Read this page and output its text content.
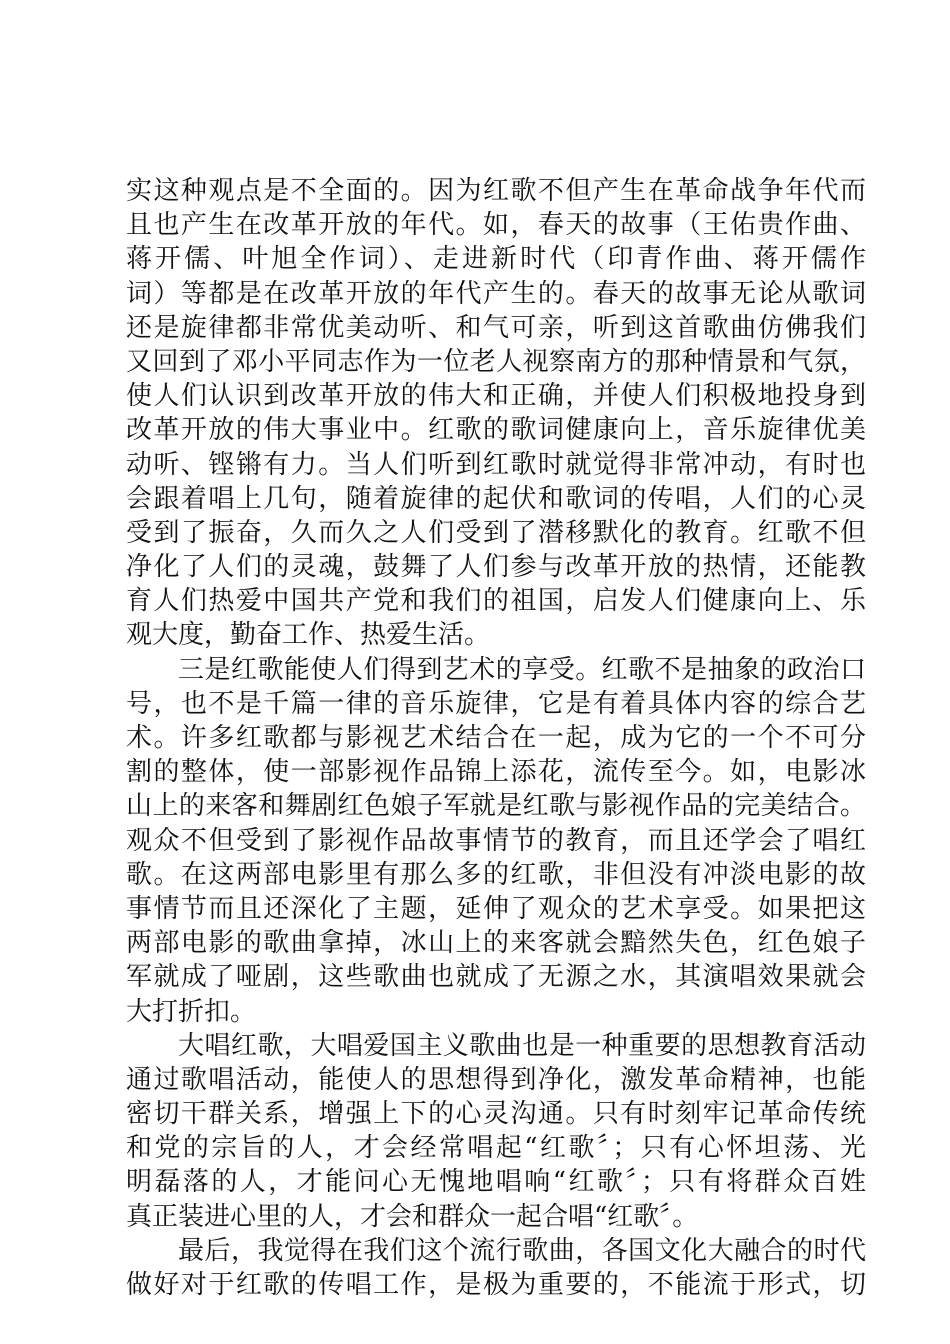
实这种观点是不全面的。因为红歌不但产生在革命战争年代而
且也产生在改革开放的年代。如，春天的故事（王佑贵作曲、
蒋开儒、叶旭全作词）、走进新时代（印青作曲、蒋开儒作
词）等都是在改革开放的年代产生的。春天的故事无论从歌词
还是旋律都非常优美动听、和气可亲，听到这首歌曲仿佛我们
又回到了邓小平同志作为一位老人视察南方的那种情景和气氛，
使人们认识到改革开放的伟大和正确，并使人们积极地投身到
改革开放的伟大事业中。红歌的歌词健康向上，音乐旋律优美
动听、铿锵有力。当人们听到红歌时就觉得非常冲动，有时也
会跟着唱上几句，随着旋律的起伏和歌词的传唱，人们的心灵
受到了振奋，久而久之人们受到了潜移默化的教育。红歌不但
净化了人们的灵魂，鼓舞了人们参与改革开放的热情，还能教
育人们热爱中国共产党和我们的祖国，启发人们健康向上、乐
观大度，勤奋工作、热爱生活。
三是红歌能使人们得到艺术的享受。红歌不是抽象的政治口
号，也不是千篇一律的音乐旋律，它是有着具体内容的综合艺
术。许多红歌都与影视艺术结合在一起，成为它的一个不可分
割的整体，使一部影视作品锦上添花，流传至今。如，电影冰
山上的来客和舞剧红色娘子军就是红歌与影视作品的完美结合。
观众不但受到了影视作品故事情节的教育，而且还学会了唱红
歌。在这两部电影里有那么多的红歌，非但没有冲淡电影的故
事情节而且还深化了主题，延伸了观众的艺术享受。如果把这
两部电影的歌曲拿掉，冰山上的来客就会黯然失色，红色娘子
军就成了哑剧，这些歌曲也就成了无源之水，其演唱效果就会
大打折扣。
大唱红歌，大唱爱国主义歌曲也是一种重要的思想教育活动
通过歌唱活动，能使人的思想得到净化，激发革命精神，也能
密切干群关系，增强上下的心灵沟通。只有时刻牢记革命传统
和党的宗旨的人，才会经常唱起“红歌〞；只有心怀坦荡、光
明磊落的人，才能问心无愧地唱响“红歌〞；只有将群众百姓
真正装进心里的人，才会和群众一起合唱“红歌〞。
最后，我觉得在我们这个流行歌曲，各国文化大融合的时代
做好对于红歌的传唱工作，是极为重要的，不能流于形式，切
